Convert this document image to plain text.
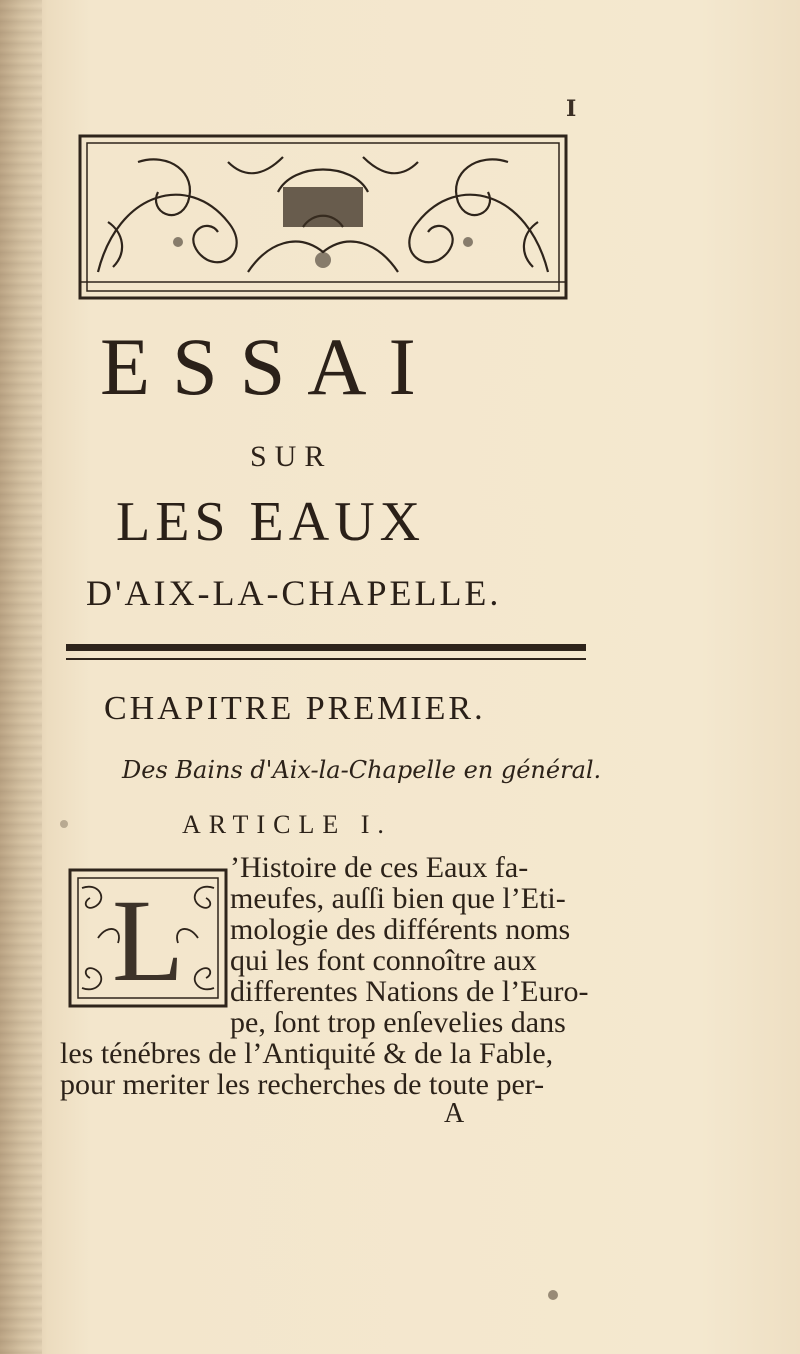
I
ESSAI
SUR
LES EAUX
D'AIX-LA-CHAPELLE.
CHAPITRE PREMIER.
Des Bains d'Aix-la-Chapelle en général.
ARTICLE I.
L
’Histoire de ces Eaux fa-
meufes, auſſi bien que l’Eti-
mologie des différents noms
qui les font connoître aux
differentes Nations de l’Euro-
pe, ſont trop enſevelies dans
les ténébres de l’Antiquité & de la Fable,
pour meriter les recherches de toute per-
A
